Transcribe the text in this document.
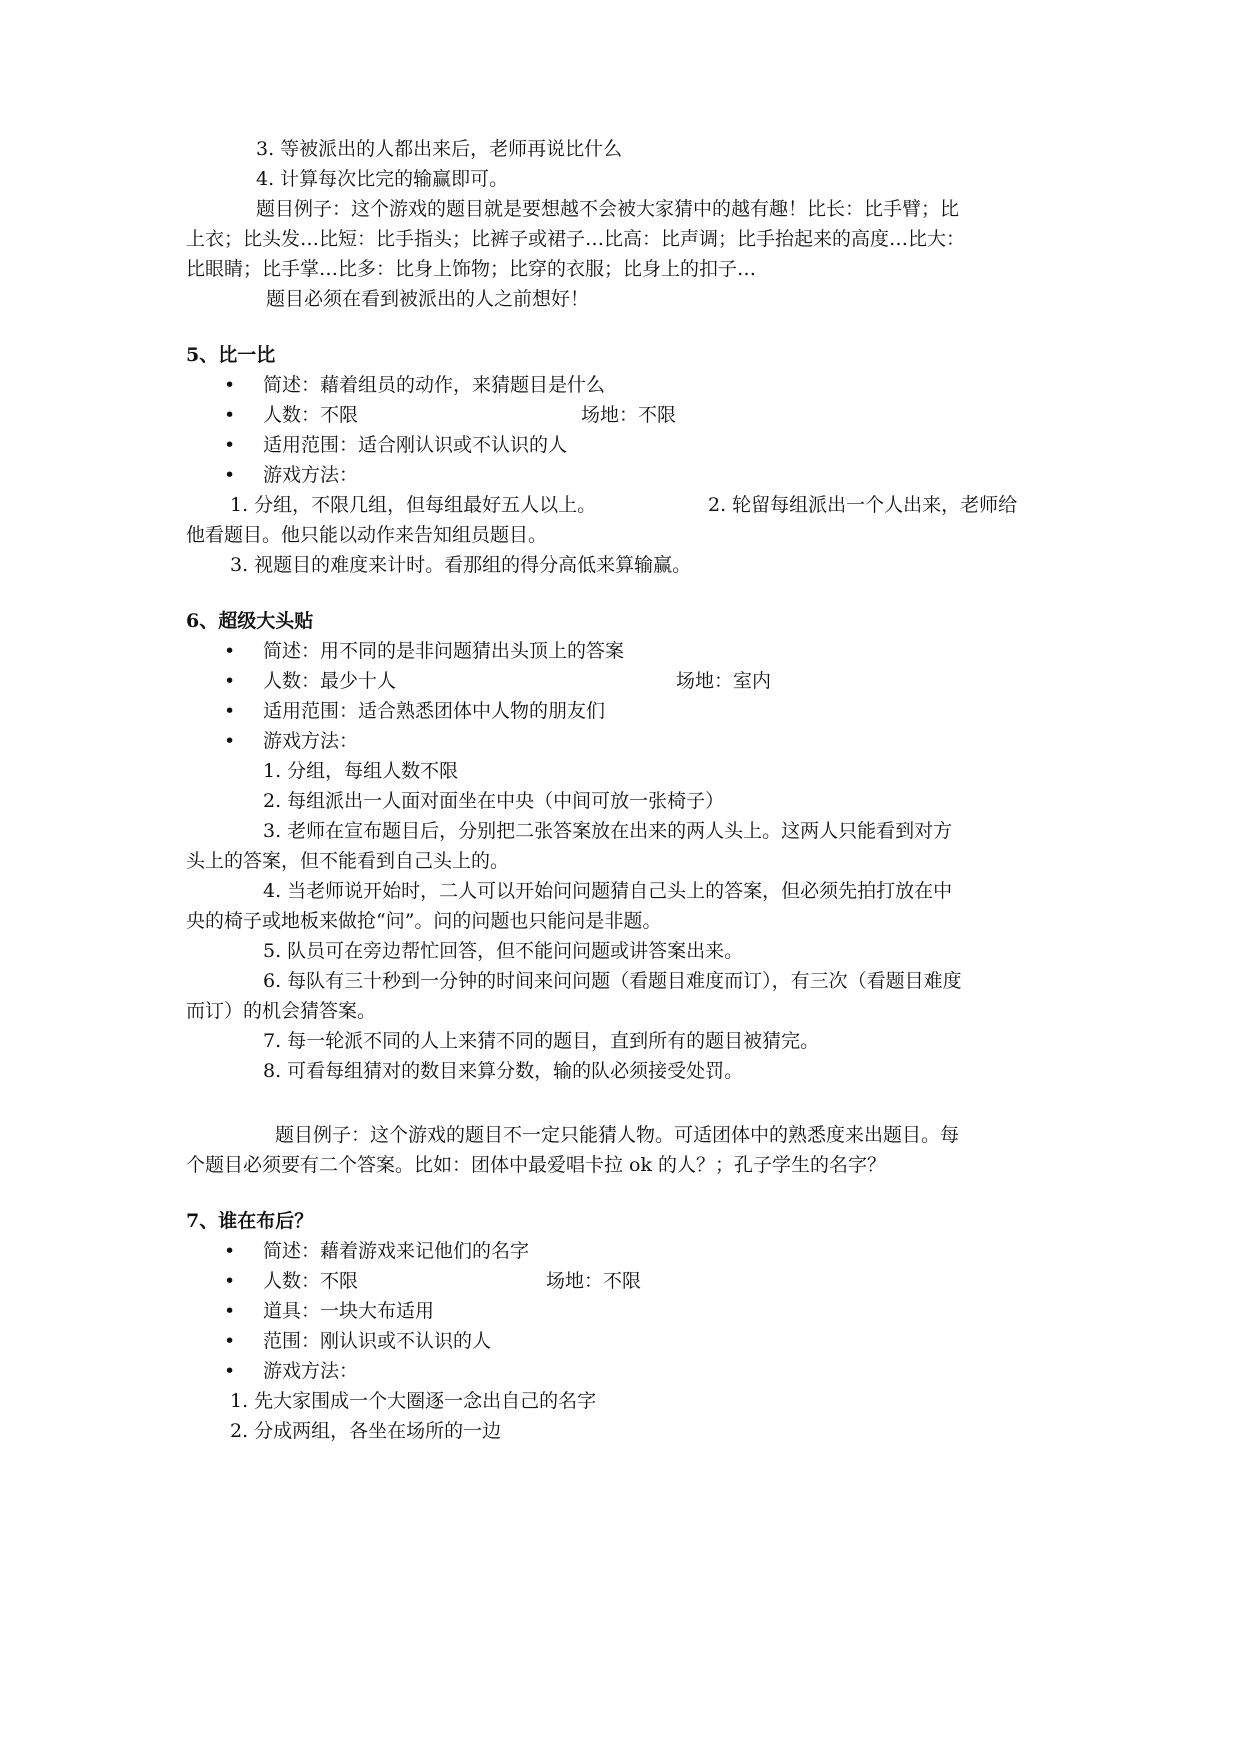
3. 等被派出的人都出来后，老师再说比什么
4. 计算每次比完的输赢即可。
题目例子：这个游戏的题目就是要想越不会被大家猜中的越有趣！比长：比手臂；比
上衣；比头发…比短：比手指头；比裤子或裙子…比高：比声调；比手抬起来的高度…比大：
比眼睛；比手掌…比多：比身上饰物；比穿的衣服；比身上的扣子…
题目必须在看到被派出的人之前想好！
5、比一比
• 简述：藉着组员的动作，来猜题目是什么
• 人数：不限	场地：不限
• 适用范围：适合刚认识或不认识的人
• 游戏方法：
1. 分组，不限几组，但每组最好五人以上。	2. 轮留每组派出一个人出来，老师给
他看题目。他只能以动作来告知组员题目。
3. 视题目的难度来计时。看那组的得分高低来算输赢。
6、超级大头贴
• 简述：用不同的是非问题猜出头顶上的答案
• 人数：最少十人	场地：室内
• 适用范围：适合熟悉团体中人物的朋友们
• 游戏方法：
1. 分组，每组人数不限
2. 每组派出一人面对面坐在中央（中间可放一张椅子）
3. 老师在宣布题目后，分别把二张答案放在出来的两人头上。这两人只能看到对方
头上的答案，但不能看到自己头上的。
4. 当老师说开始时，二人可以开始问问题猜自己头上的答案，但必须先拍打放在中
央的椅子或地板来做抢“问”。问的问题也只能问是非题。
5. 队员可在旁边帮忙回答，但不能问问题或讲答案出来。
6. 每队有三十秒到一分钟的时间来问问题（看题目难度而订），有三次（看题目难度
而订）的机会猜答案。
7. 每一轮派不同的人上来猜不同的题目，直到所有的题目被猜完。
8. 可看每组猜对的数目来算分数，输的队必须接受处罚。
题目例子：这个游戏的题目不一定只能猜人物。可适团体中的熟悉度来出题目。每
个题目必须要有二个答案。比如：团体中最爱唱卡拉 ok 的人？；孔子学生的名字？
7、谁在布后？
• 简述：藉着游戏来记他们的名字
• 人数：不限	场地：不限
• 道具：一块大布适用
• 范围：刚认识或不认识的人
• 游戏方法：
1. 先大家围成一个大圈逐一念出自己的名字
2. 分成两组，各坐在场所的一边
